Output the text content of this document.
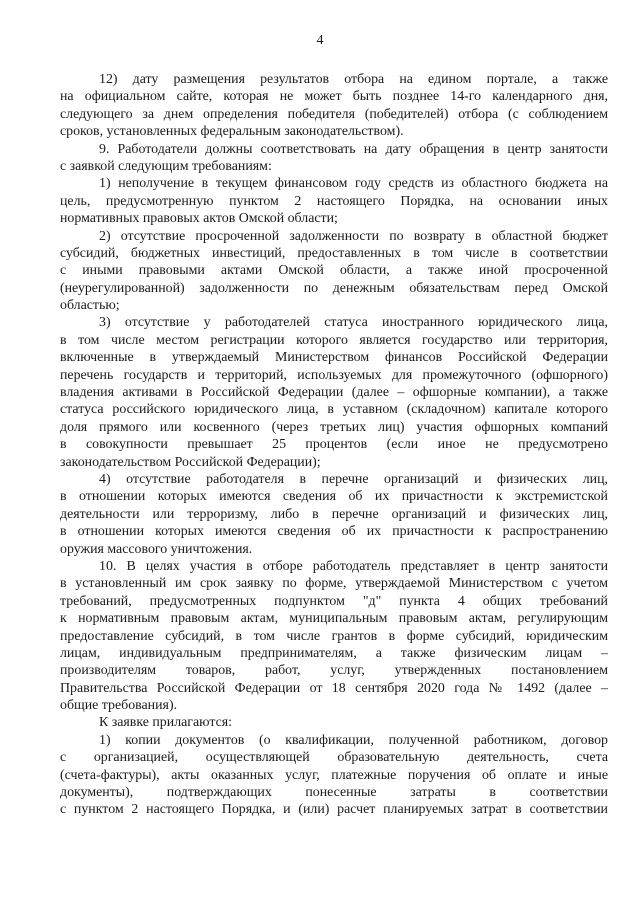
4
12) дату размещения результатов отбора на едином портале, а также
на официальном сайте, которая не может быть позднее 14-го календарного дня,
следующего за днем определения победителя (победителей) отбора (с соблюдением
сроков, установленных федеральным законодательством).
9. Работодатели должны соответствовать на дату обращения в центр занятости
с заявкой следующим требованиям:
1) неполучение в текущем финансовом году средств из областного бюджета на
цель, предусмотренную пунктом 2 настоящего Порядка, на основании иных
нормативных правовых актов Омской области;
2) отсутствие просроченной задолженности по возврату в областной бюджет
субсидий, бюджетных инвестиций, предоставленных в том числе в соответствии
с иными правовыми актами Омской области, а также иной просроченной
(неурегулированной) задолженности по денежным обязательствам перед Омской
областью;
3) отсутствие у работодателей статуса иностранного юридического лица,
в том числе местом регистрации которого является государство или территория,
включенные в утверждаемый Министерством финансов Российской Федерации
перечень государств и территорий, используемых для промежуточного (офшорного)
владения активами в Российской Федерации (далее – офшорные компании), а также
статуса российского юридического лица, в уставном (складочном) капитале которого
доля прямого или косвенного (через третьих лиц) участия офшорных компаний
в совокупности превышает 25 процентов (если иное не предусмотрено
законодательством Российской Федерации);
4) отсутствие работодателя в перечне организаций и физических лиц,
в отношении которых имеются сведения об их причастности к экстремистской
деятельности или терроризму, либо в перечне организаций и физических лиц,
в отношении которых имеются сведения об их причастности к распространению
оружия массового уничтожения.
10. В целях участия в отборе работодатель представляет в центр занятости
в установленный им срок заявку по форме, утверждаемой Министерством с учетом
требований, предусмотренных подпунктом "д" пункта 4 общих требований
к нормативным правовым актам, муниципальным правовым актам, регулирующим
предоставление субсидий, в том числе грантов в форме субсидий, юридическим
лицам, индивидуальным предпринимателям, а также физическим лицам –
производителям товаров, работ, услуг, утвержденных постановлением
Правительства Российской Федерации от 18 сентября 2020 года № 1492 (далее –
общие требования).
К заявке прилагаются:
1) копии документов (о квалификации, полученной работником, договор
с организацией, осуществляющей образовательную деятельность, счета
(счета-фактуры), акты оказанных услуг, платежные поручения об оплате и иные
документы), подтверждающих понесенные затраты в соответствии
с пунктом 2 настоящего Порядка, и (или) расчет планируемых затрат в соответствии
